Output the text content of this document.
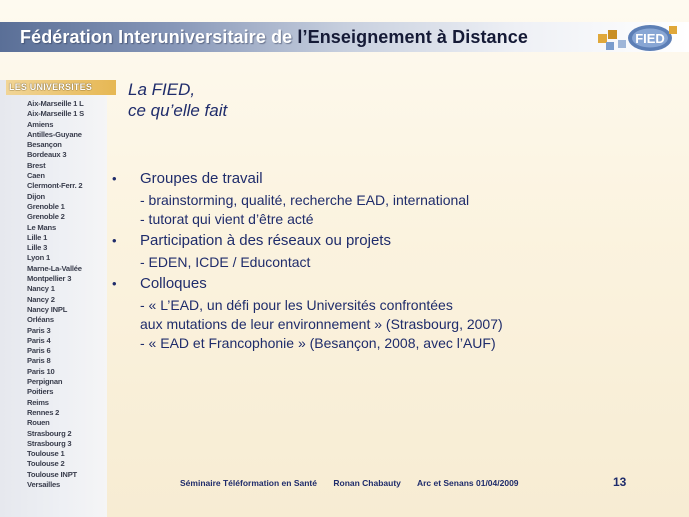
Fédération Interuniversitaire de l’Enseignement à Distance	FIED
LES UNIVERSITES
Aix-Marseille 1 L
Aix-Marseille 1 S
Amiens
Antilles-Guyane
Besançon
Bordeaux 3
Brest
Caen
Clermont-Ferr. 2
Dijon
Grenoble 1
Grenoble 2
Le Mans
Lille 1
Lille 3
Lyon 1
Marne-La-Vallée
Montpellier 3
Nancy 1
Nancy 2
Nancy INPL
Orléans
Paris 3
Paris 4
Paris 6
Paris 8
Paris 10
Perpignan
Poitiers
Reims
Rennes 2
Rouen
Strasbourg 2
Strasbourg 3
Toulouse 1
Toulouse 2
Toulouse INPT
Versailles
La FIED,
ce qu’elle fait
•	Groupes de travail
- brainstorming, qualité, recherche EAD, international
- tutorat qui vient d’être acté
•	Participation à des réseaux ou projets
- EDEN, ICDE / Educontact
•	Colloques
- « L’EAD, un défi pour les Universités confrontées
aux mutations de leur environnement » (Strasbourg, 2007)
- « EAD et Francophonie » (Besançon, 2008, avec l’AUF)
Séminaire Téléformation en Santé Ronan Chabauty Arc et Senans 01/04/2009	13
